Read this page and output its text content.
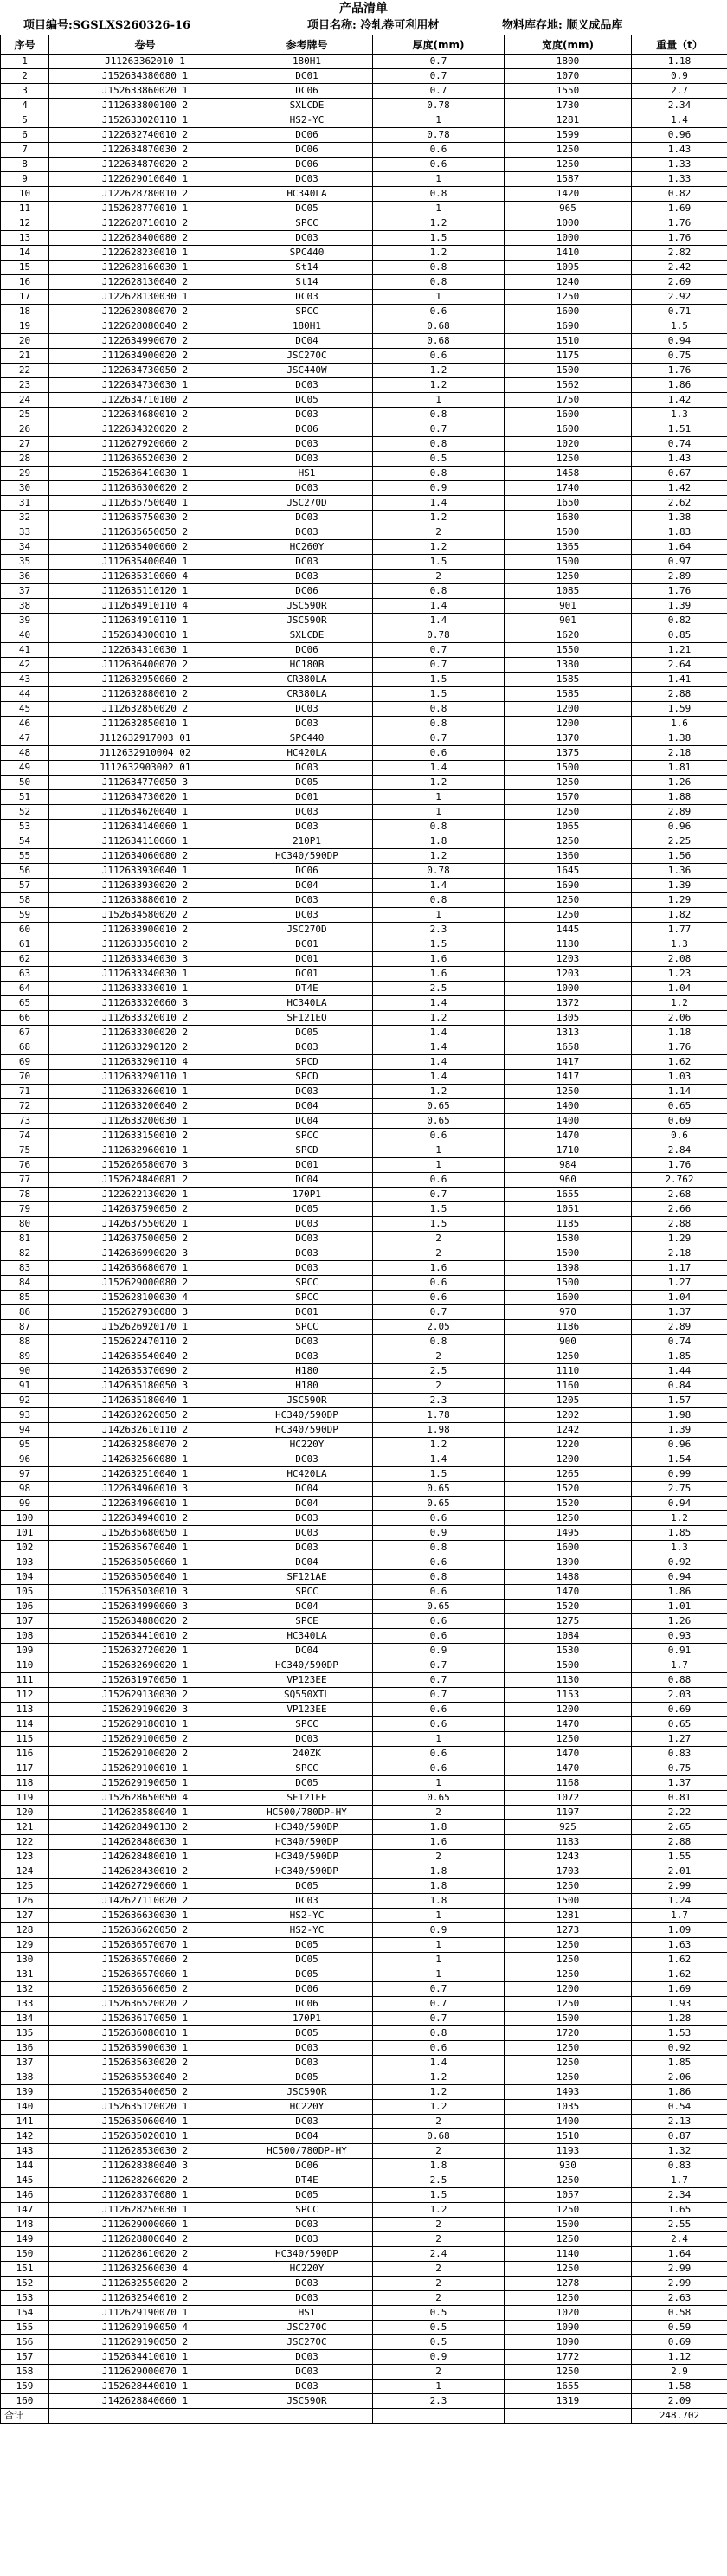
产品清单
项目编号:SGSLXS260326-16	项目名称: 冷轧卷可利用材	物料库存地: 顺义成品库
序号	卷号	参考牌号	厚度(mm)	宽度(mm)	重量（t）
1	J11263362010 1	180H1	0.7	1800	1.18
2	J152634380080 1	DC01	0.7	1070	0.9
3	J152633860020 1	DC06	0.7	1550	2.7
4	J112633800100 2	SXLCDE	0.78	1730	2.34
5	J152633020110 1	HS2-YC	1	1281	1.4
6	J122632740010 2	DC06	0.78	1599	0.96
7	J122634870030 2	DC06	0.6	1250	1.43
8	J122634870020 2	DC06	0.6	1250	1.33
9	J122629010040 1	DC03	1	1587	1.33
10	J122628780010 2	HC340LA	0.8	1420	0.82
11	J152628770010 1	DC05	1	965	1.69
12	J122628710010 2	SPCC	1.2	1000	1.76
13	J122628400080 2	DC03	1.5	1000	1.76
14	J122628230010 1	SPC440	1.2	1410	2.82
15	J122628160030 1	St14	0.8	1095	2.42
16	J122628130040 2	St14	0.8	1240	2.69
17	J122628130030 1	DC03	1	1250	2.92
18	J122628080070 2	SPCC	0.6	1600	0.71
19	J122628080040 2	180H1	0.68	1690	1.5
20	J122634990070 2	DC04	0.68	1510	0.94
21	J112634900020 2	JSC270C	0.6	1175	0.75
22	J122634730050 2	JSC440W	1.2	1500	1.76
23	J122634730030 1	DC03	1.2	1562	1.86
24	J122634710100 2	DC05	1	1750	1.42
25	J122634680010 2	DC03	0.8	1600	1.3
26	J122634320020 2	DC06	0.7	1600	1.51
27	J112627920060 2	DC03	0.8	1020	0.74
28	J112636520030 2	DC03	0.5	1250	1.43
29	J152636410030 1	HS1	0.8	1458	0.67
30	J112636300020 2	DC03	0.9	1740	1.42
31	J112635750040 1	JSC270D	1.4	1650	2.62
32	J112635750030 2	DC03	1.2	1680	1.38
33	J112635650050 2	DC03	2	1500	1.83
34	J112635400060 2	HC260Y	1.2	1365	1.64
35	J112635400040 1	DC03	1.5	1500	0.97
36	J112635310060 4	DC03	2	1250	2.89
37	J112635110120 1	DC06	0.8	1085	1.76
38	J112634910110 4	JSC590R	1.4	901	1.39
39	J112634910110 1	JSC590R	1.4	901	0.82
40	J152634300010 1	SXLCDE	0.78	1620	0.85
41	J122634310030 1	DC06	0.7	1550	1.21
42	J112636400070 2	HC180B	0.7	1380	2.64
43	J112632950060 2	CR380LA	1.5	1585	1.41
44	J112632880010 2	CR380LA	1.5	1585	2.88
45	J112632850020 2	DC03	0.8	1200	1.59
46	J112632850010 1	DC03	0.8	1200	1.6
47	J112632917003 01	SPC440	0.7	1370	1.38
48	J112632910004 02	HC420LA	0.6	1375	2.18
49	J112632903002 01	DC03	1.4	1500	1.81
50	J112634770050 3	DC05	1.2	1250	1.26
51	J112634730020 1	DC01	1	1570	1.88
52	J112634620040 1	DC03	1	1250	2.89
53	J112634140060 1	DC03	0.8	1065	0.96
54	J112634110060 1	210P1	1.8	1250	2.25
55	J112634060080 2	HC340/590DP	1.2	1360	1.56
56	J112633930040 1	DC06	0.78	1645	1.36
57	J112633930020 2	DC04	1.4	1690	1.39
58	J112633880010 2	DC03	0.8	1250	1.29
59	J152634580020 2	DC03	1	1250	1.82
60	J112633900010 2	JSC270D	2.3	1445	1.77
61	J112633350010 2	DC01	1.5	1180	1.3
62	J112633340030 3	DC01	1.6	1203	2.08
63	J112633340030 1	DC01	1.6	1203	1.23
64	J112633330010 1	DT4E	2.5	1000	1.04
65	J112633320060 3	HC340LA	1.4	1372	1.2
66	J112633320010 2	SF121EQ	1.2	1305	2.06
67	J112633300020 2	DC05	1.4	1313	1.18
68	J112633290120 2	DC03	1.4	1658	1.76
69	J112633290110 4	SPCD	1.4	1417	1.62
70	J112633290110 1	SPCD	1.4	1417	1.03
71	J112633260010 1	DC03	1.2	1250	1.14
72	J112633200040 2	DC04	0.65	1400	0.65
73	J112633200030 1	DC04	0.65	1400	0.69
74	J112633150010 2	SPCC	0.6	1470	0.6
75	J112632960010 1	SPCD	1	1710	2.84
76	J152626580070 3	DC01	1	984	1.76
77	J152624840081 2	DC04	0.6	960	2.762
78	J122622130020 1	170P1	0.7	1655	2.68
79	J142637590050 2	DC05	1.5	1051	2.66
80	J142637550020 1	DC03	1.5	1185	2.88
81	J142637500050 2	DC03	2	1580	1.29
82	J142636990020 3	DC03	2	1500	2.18
83	J142636680070 1	DC03	1.6	1398	1.17
84	J152629000080 2	SPCC	0.6	1500	1.27
85	J152628100030 4	SPCC	0.6	1600	1.04
86	J152627930080 3	DC01	0.7	970	1.37
87	J152626920170 1	SPCC	2.05	1186	2.89
88	J152622470110 2	DC03	0.8	900	0.74
89	J142635540040 2	DC03	2	1250	1.85
90	J142635370090 2	H180	2.5	1110	1.44
91	J142635180050 3	H180	2	1160	0.84
92	J142635180040 1	JSC590R	2.3	1205	1.57
93	J142632620050 2	HC340/590DP	1.78	1202	1.98
94	J142632610110 2	HC340/590DP	1.98	1242	1.39
95	J142632580070 2	HC220Y	1.2	1220	0.96
96	J142632560080 1	DC03	1.4	1200	1.54
97	J142632510040 1	HC420LA	1.5	1265	0.99
98	J122634960010 3	DC04	0.65	1520	2.75
99	J122634960010 1	DC04	0.65	1520	0.94
100	J122634940010 2	DC03	0.6	1250	1.2
101	J152635680050 1	DC03	0.9	1495	1.85
102	J152635670040 1	DC03	0.8	1600	1.3
103	J152635050060 1	DC04	0.6	1390	0.92
104	J152635050040 1	SF121AE	0.8	1488	0.94
105	J152635030010 3	SPCC	0.6	1470	1.86
106	J152634990060 3	DC04	0.65	1520	1.01
107	J152634880020 2	SPCE	0.6	1275	1.26
108	J152634410010 2	HC340LA	0.6	1084	0.93
109	J152632720020 1	DC04	0.9	1530	0.91
110	J152632690020 1	HC340/590DP	0.7	1500	1.7
111	J152631970050 1	VP123EE	0.7	1130	0.88
112	J152629130030 2	SQ550XTL	0.7	1153	2.03
113	J152629190020 3	VP123EE	0.6	1200	0.69
114	J152629180010 1	SPCC	0.6	1470	0.65
115	J152629100050 2	DC03	1	1250	1.27
116	J152629100020 2	240ZK	0.6	1470	0.83
117	J152629100010 1	SPCC	0.6	1470	0.75
118	J152629190050 1	DC05	1	1168	1.37
119	J152628650050 4	SF121EE	0.65	1072	0.81
120	J142628580040 1	HC500/780DP-HY	2	1197	2.22
121	J142628490130 2	HC340/590DP	1.8	925	2.65
122	J142628480030 1	HC340/590DP	1.6	1183	2.88
123	J142628480010 1	HC340/590DP	2	1243	1.55
124	J142628430010 2	HC340/590DP	1.8	1703	2.01
125	J142627290060 1	DC05	1.8	1250	2.99
126	J142627110020 2	DC03	1.8	1500	1.24
127	J152636630030 1	HS2-YC	1	1281	1.7
128	J152636620050 2	HS2-YC	0.9	1273	1.09
129	J152636570070 1	DC05	1	1250	1.63
130	J152636570060 2	DC05	1	1250	1.62
131	J152636570060 1	DC05	1	1250	1.62
132	J152636560050 2	DC06	0.7	1200	1.69
133	J152636520020 2	DC06	0.7	1250	1.93
134	J152636170050 1	170P1	0.7	1500	1.28
135	J152636080010 1	DC05	0.8	1720	1.53
136	J152635900030 1	DC03	0.6	1250	0.92
137	J152635630020 2	DC03	1.4	1250	1.85
138	J152635530040 2	DC05	1.2	1250	2.06
139	J152635400050 2	JSC590R	1.2	1493	1.86
140	J152635120020 1	HC220Y	1.2	1035	0.54
141	J152635060040 1	DC03	2	1400	2.13
142	J152635020010 1	DC04	0.68	1510	0.87
143	J112628530030 2	HC500/780DP-HY	2	1193	1.32
144	J112628380040 3	DC06	1.8	930	0.83
145	J112628260020 2	DT4E	2.5	1250	1.7
146	J112628370080 1	DC05	1.5	1057	2.34
147	J112628250030 1	SPCC	1.2	1250	1.65
148	J112629000060 1	DC03	2	1500	2.55
149	J112628800040 2	DC03	2	1250	2.4
150	J112628610020 2	HC340/590DP	2.4	1140	1.64
151	J112632560030 4	HC220Y	2	1250	2.99
152	J112632550020 2	DC03	2	1278	2.99
153	J112632540010 2	DC03	2	1250	2.63
154	J112629190070 1	HS1	0.5	1020	0.58
155	J112629190050 4	JSC270C	0.5	1090	0.59
156	J112629190050 2	JSC270C	0.5	1090	0.69
157	J152634410010 1	DC03	0.9	1772	1.12
158	J112629000070 1	DC03	2	1250	2.9
159	J152628440010 1	DC03	1	1655	1.58
160	J142628840060 1	JSC590R	2.3	1319	2.09
合计					248.702
